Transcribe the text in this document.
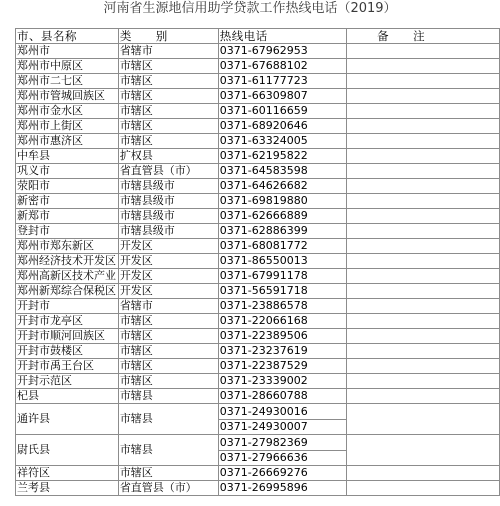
河南省生源地信用助学贷款工作热线电话（2019）
市、县名称	类　　别	热线电话	备　　注
郑州市	省辖市	0371-67962953	
郑州市中原区	市辖区	0371-67688102	
郑州市二七区	市辖区	0371-61177723	
郑州市管城回族区	市辖区	0371-66309807	
郑州市金水区	市辖区	0371-60116659	
郑州市上街区	市辖区	0371-68920646	
郑州市惠济区	市辖区	0371-63324005	
中牟县	扩权县	0371-62195822	
巩义市	省直管县（市）	0371-64583598	
荥阳市	市辖县级市	0371-64626682	
新密市	市辖县级市	0371-69819880	
新郑市	市辖县级市	0371-62666889	
登封市	市辖县级市	0371-62886399	
郑州市郑东新区	开发区	0371-68081772	
郑州经济技术开发区	开发区	0371-86550013	
郑州高新区技术产业	开发区	0371-67991178	
郑州新郑综合保税区	开发区	0371-56591718	
开封市	省辖市	0371-23886578	
开封市龙亭区	市辖区	0371-22066168	
开封市顺河回族区	市辖区	0371-22389506	
开封市鼓楼区	市辖区	0371-23237619	
开封市禹王台区	市辖区	0371-22387529	
开封示范区	市辖区	0371-23339002	
杞县	市辖县	0371-28660788	
通许县	市辖县	0371-24930016
0371-24930007	

尉氏县	市辖县	0371-27982369
0371-27966636	

祥符区	市辖区	0371-26669276	
兰考县	省直管县（市）	0371-26995896	
